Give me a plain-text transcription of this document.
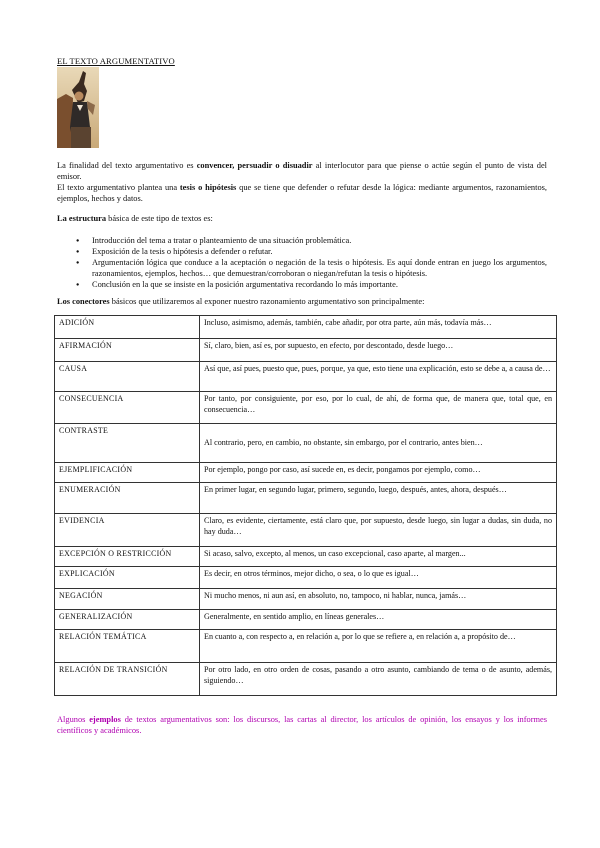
EL TEXTO ARGUMENTATIVO

La finalidad del texto argumentativo es convencer, persuadir o disuadir al interlocutor para que piense o actúe según el punto de vista del emisor.

El texto argumentativo plantea una tesis o hipótesis que se tiene que defender o refutar desde la lógica: mediante argumentos, razonamientos, ejemplos, hechos y datos.

La estructura básica de este tipo de textos es:
● Introducción del tema a tratar o planteamiento de una situación problemática.
● Exposición de la tesis o hipótesis a defender o refutar.
● Argumentación lógica que conduce a la aceptación o negación de la tesis o hipótesis. Es aquí donde entran en juego los argumentos, razonamientos, ejemplos, hechos… que demuestran/corroboran o niegan/refutan la tesis o hipótesis.
● Conclusión en la que se insiste en la posición argumentativa recordando lo más importante.
Los conectores básicos que utilizaremos al exponer nuestro razonamiento argumentativo son principalmente:
ADICIÓN	Incluso, asimismo, además, también, cabe añadir, por otra parte, aún más, todavía más…
AFIRMACIÓN	Sí, claro, bien, así es, por supuesto, en efecto, por descontado, desde luego…
CAUSA	Así que, así pues, puesto que, pues, porque, ya que, esto tiene una explicación, esto se debe a, a causa de…
CONSECUENCIA	Por tanto, por consiguiente, por eso, por lo cual, de ahí, de forma que, de manera que, total que, en consecuencia…
CONTRASTE	Al contrario, pero, en cambio, no obstante, sin embargo, por el contrario, antes bien…
EJEMPLIFICACIÓN	Por ejemplo, pongo por caso, así sucede en, es decir, pongamos por ejemplo, como…
ENUMERACIÓN	En primer lugar, en segundo lugar, primero, segundo, luego, después, antes, ahora, después…
EVIDENCIA	Claro, es evidente, ciertamente, está claro que, por supuesto, desde luego, sin lugar a dudas, sin duda, no hay duda…
EXCEPCIÓN O RESTRICCIÓN	Si acaso, salvo, excepto, al menos, un caso excepcional, caso aparte, al margen...
EXPLICACIÓN	Es decir, en otros términos, mejor dicho, o sea, o lo que es igual…
NEGACIÓN	Ni mucho menos, ni aun así, en absoluto, no, tampoco, ni hablar, nunca, jamás…
GENERALIZACIÓN	Generalmente, en sentido amplio, en líneas generales…
RELACIÓN TEMÁTICA	En cuanto a, con respecto a, en relación a, por lo que se refiere a, en relación a, a propósito de…
RELACIÓN DE TRANSICIÓN	Por otro lado, en otro orden de cosas, pasando a otro asunto, cambiando de tema o de asunto, además, siguiendo…
Algunos ejemplos de textos argumentativos son: los discursos, las cartas al director, los artículos de opinión, los ensayos y los informes científicos y académicos.
